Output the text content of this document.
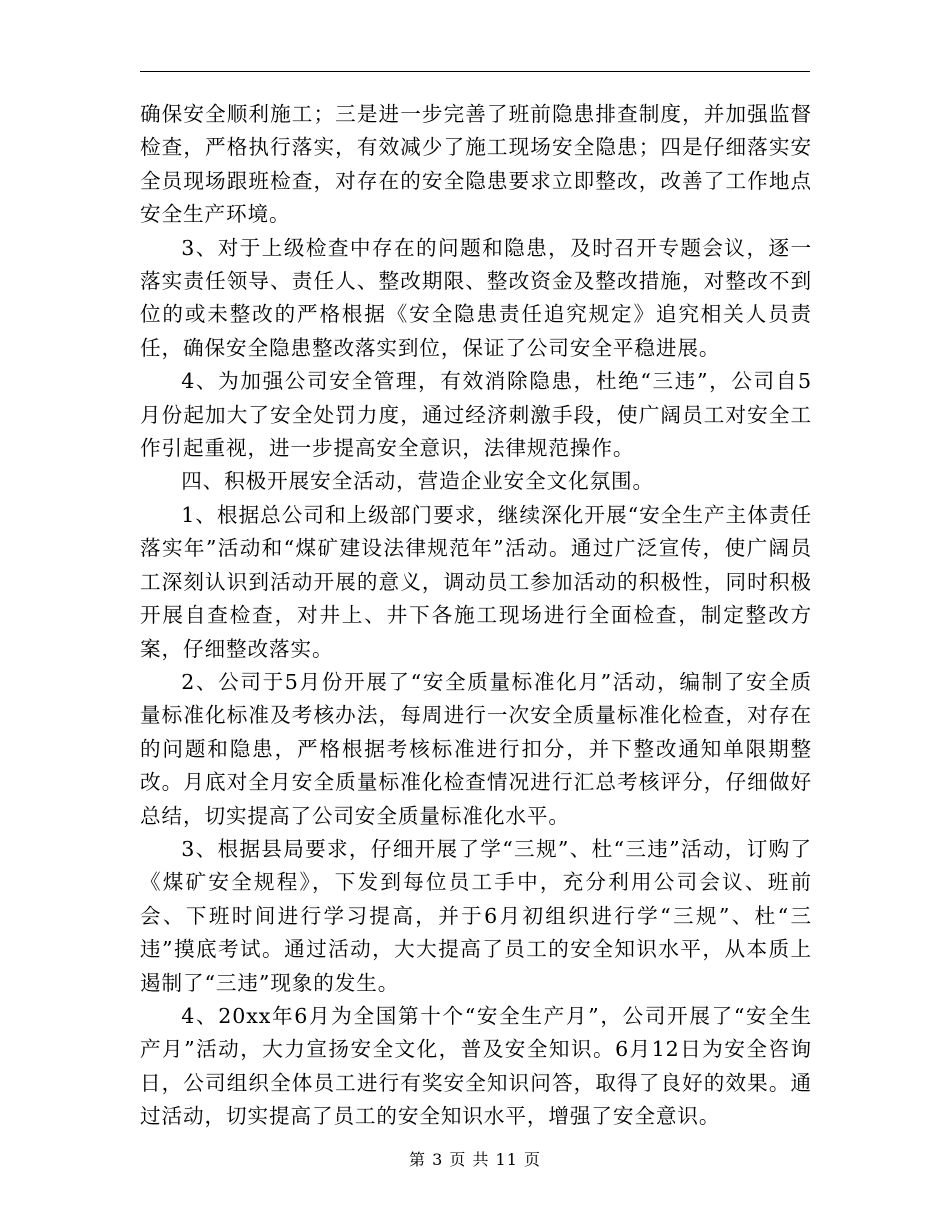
确保安全顺利施工；三是进一步完善了班前隐患排查制度，并加强监督检查，严格执行落实，有效减少了施工现场安全隐患；四是仔细落实安全员现场跟班检查，对存在的安全隐患要求立即整改，改善了工作地点安全生产环境。

3、对于上级检查中存在的问题和隐患，及时召开专题会议，逐一落实责任领导、责任人、整改期限、整改资金及整改措施，对整改不到位的或未整改的严格根据《安全隐患责任追究规定》追究相关人员责任，确保安全隐患整改落实到位，保证了公司安全平稳进展。

4、为加强公司安全管理，有效消除隐患，杜绝“三违”，公司自5月份起加大了安全处罚力度，通过经济刺激手段，使广阔员工对安全工作引起重视，进一步提高安全意识，法律规范操作。

四、积极开展安全活动，营造企业安全文化氛围。

1、根据总公司和上级部门要求，继续深化开展“安全生产主体责任落实年”活动和“煤矿建设法律规范年”活动。通过广泛宣传，使广阔员工深刻认识到活动开展的意义，调动员工参加活动的积极性，同时积极开展自查检查，对井上、井下各施工现场进行全面检查，制定整改方案，仔细整改落实。

2、公司于5月份开展了“安全质量标准化月”活动，编制了安全质量标准化标准及考核办法，每周进行一次安全质量标准化检查，对存在的问题和隐患，严格根据考核标准进行扣分，并下整改通知单限期整改。月底对全月安全质量标准化检查情况进行汇总考核评分，仔细做好总结，切实提高了公司安全质量标准化水平。

3、根据县局要求，仔细开展了学“三规”、杜“三违”活动，订购了《煤矿安全规程》，下发到每位员工手中，充分利用公司会议、班前会、下班时间进行学习提高，并于6月初组织进行学“三规”、杜“三违”摸底考试。通过活动，大大提高了员工的安全知识水平，从本质上遏制了“三违”现象的发生。

4、20xx年6月为全国第十个“安全生产月”，公司开展了“安全生产月”活动，大力宣扬安全文化，普及安全知识。6月12日为安全咨询日，公司组织全体员工进行有奖安全知识问答，取得了良好的效果。通过活动，切实提高了员工的安全知识水平，增强了安全意识。

第 3 页 共 11 页
